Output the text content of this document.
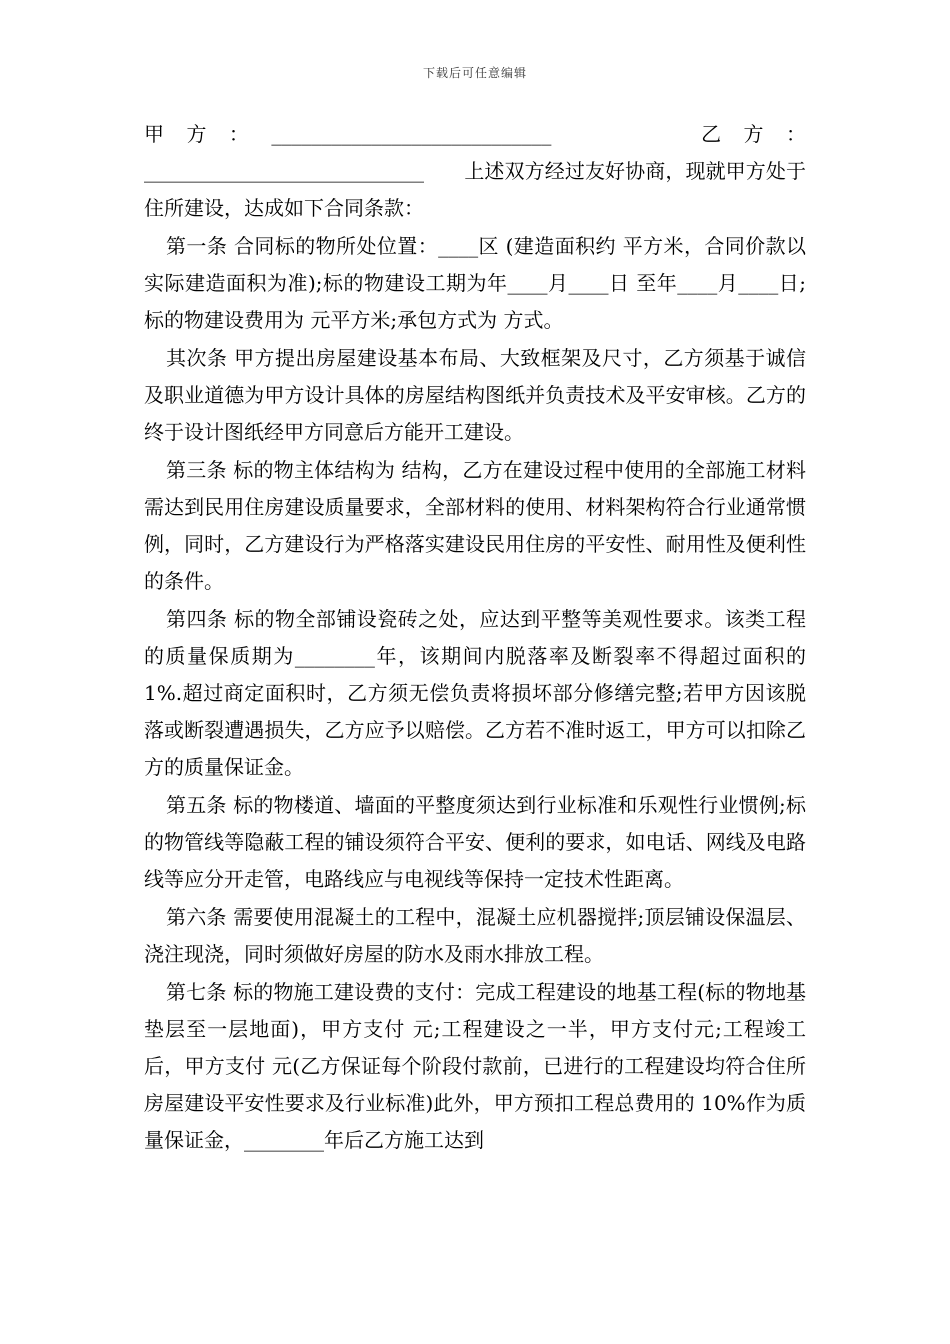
下载后可任意编辑

甲方：____________________________　　　乙方：____________________________　　上述双方经过友好协商，现就甲方处于 住所建设，达成如下合同条款：

第一条 合同标的物所处位置：____区 (建造面积约 平方米，合同价款以实际建造面积为准);标的物建设工期为年____月____日 至年____月____日;标的物建设费用为 元平方米;承包方式为 方式。

其次条 甲方提出房屋建设基本布局、大致框架及尺寸，乙方须基于诚信及职业道德为甲方设计具体的房屋结构图纸并负责技术及平安审核。乙方的终于设计图纸经甲方同意后方能开工建设。

第三条 标的物主体结构为 结构，乙方在建设过程中使用的全部施工材料需达到民用住房建设质量要求，全部材料的使用、材料架构符合行业通常惯例，同时，乙方建设行为严格落实建设民用住房的平安性、耐用性及便利性的条件。

第四条 标的物全部铺设瓷砖之处，应达到平整等美观性要求。该类工程的质量保质期为________年，该期间内脱落率及断裂率不得超过面积的 1%.超过商定面积时，乙方须无偿负责将损坏部分修缮完整;若甲方因该脱落或断裂遭遇损失，乙方应予以赔偿。乙方若不准时返工，甲方可以扣除乙方的质量保证金。

第五条 标的物楼道、墙面的平整度须达到行业标准和乐观性行业惯例;标的物管线等隐蔽工程的铺设须符合平安、便利的要求，如电话、网线及电路线等应分开走管，电路线应与电视线等保持一定技术性距离。

第六条 需要使用混凝土的工程中，混凝土应机器搅拌;顶层铺设保温层、浇注现浇，同时须做好房屋的防水及雨水排放工程。

第七条 标的物施工建设费的支付：完成工程建设的地基工程(标的物地基垫层至一层地面)，甲方支付 元;工程建设之一半，甲方支付元;工程竣工后，甲方支付 元(乙方保证每个阶段付款前，已进行的工程建设均符合住所房屋建设平安性要求及行业标准)此外，甲方预扣工程总费用的 10%作为质量保证金，________年后乙方施工达到
